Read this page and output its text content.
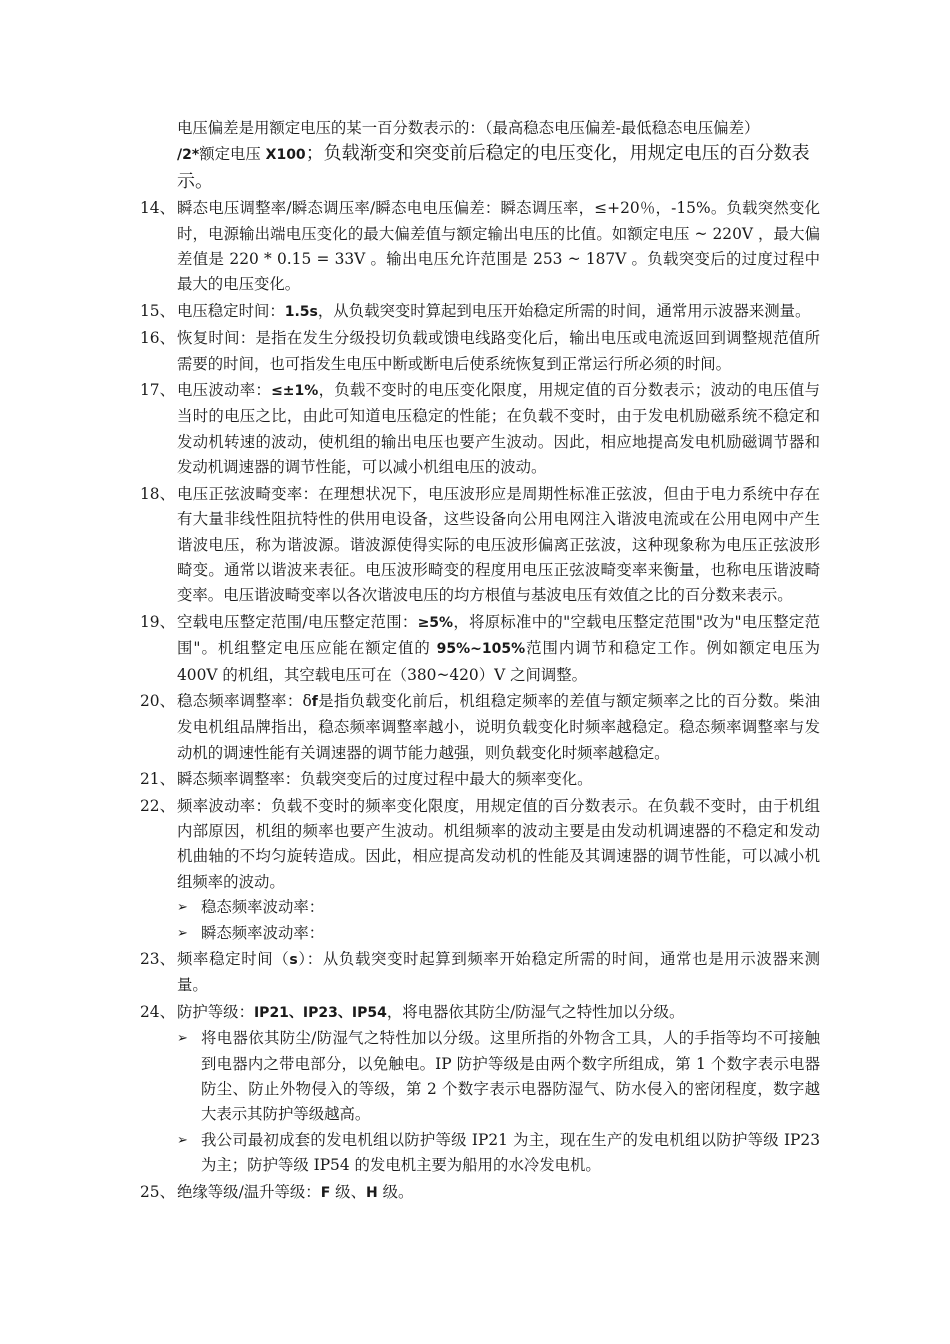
电压偏差是用额定电压的某一百分数表示的：（最高稳态电压偏差-最低稳态电压偏差）
/2*额定电压 X100；负载渐变和突变前后稳定的电压变化，用规定电压的百分数表示。
14、 瞬态电压调整率/瞬态调压率/瞬态电电压偏差：瞬态调压率，≤+20％，-15%。负载突然变化时，电源输出端电压变化的最大偏差值与额定输出电压的比值。如额定电压 ~ 220V ，最大偏差值是 220 * 0.15 = 33V 。输出电压允许范围是 253 ~ 187V 。负载突变后的过度过程中最大的电压变化。
15、 电压稳定时间：1.5s，从负载突变时算起到电压开始稳定所需的时间，通常用示波器来测量。
16、 恢复时间：是指在发生分级投切负载或馈电线路变化后，输出电压或电流返回到调整规范值所需要的时间，也可指发生电压中断或断电后使系统恢复到正常运行所必须的时间。
17、 电压波动率：≤±1%，负载不变时的电压变化限度，用规定值的百分数表示；波动的电压值与当时的电压之比，由此可知道电压稳定的性能；在负载不变时，由于发电机励磁系统不稳定和发动机转速的波动，使机组的输出电压也要产生波动。因此，相应地提高发电机励磁调节器和发动机调速器的调节性能，可以减小机组电压的波动。
18、 电压正弦波畸变率：在理想状况下，电压波形应是周期性标准正弦波，但由于电力系统中存在有大量非线性阻抗特性的供用电设备，这些设备向公用电网注入谐波电流或在公用电网中产生谐波电压，称为谐波源。谐波源使得实际的电压波形偏离正弦波，这种现象称为电压正弦波形畸变。通常以谐波来表征。电压波形畸变的程度用电压正弦波畸变率来衡量，也称电压谐波畸变率。电压谐波畸变率以各次谐波电压的均方根值与基波电压有效值之比的百分数来表示。
19、 空载电压整定范围/电压整定范围：≥5%，将原标准中的"空载电压整定范围"改为"电压整定范围"。机组整定电压应能在额定值的 95%~105%范围内调节和稳定工作。例如额定电压为 400V 的机组，其空载电压可在（380~420）V 之间调整。
20、 稳态频率调整率：δf是指负载变化前后，机组稳定频率的差值与额定频率之比的百分数。柴油发电机组品牌指出，稳态频率调整率越小，说明负载变化时频率越稳定。稳态频率调整率与发动机的调速性能有关调速器的调节能力越强，则负载变化时频率越稳定。
21、 瞬态频率调整率：负载突变后的过度过程中最大的频率变化。
22、 频率波动率：负载不变时的频率变化限度，用规定值的百分数表示。在负载不变时，由于机组内部原因，机组的频率也要产生波动。机组频率的波动主要是由发动机调速器的不稳定和发动机曲轴的不均匀旋转造成。因此，相应提高发动机的性能及其调速器的调节性能，可以减小机组频率的波动。
➢ 稳态频率波动率：
➢ 瞬态频率波动率：
23、 频率稳定时间（s）：从负载突变时起算到频率开始稳定所需的时间，通常也是用示波器来测量。
24、 防护等级：IP21、IP23、IP54，将电器依其防尘/防湿气之特性加以分级。
➢ 将电器依其防尘/防湿气之特性加以分级。这里所指的外物含工具，人的手指等均不可接触到电器内之带电部分，以免触电。IP 防护等级是由两个数字所组成，第 1 个数字表示电器防尘、防止外物侵入的等级，第 2 个数字表示电器防湿气、防水侵入的密闭程度，数字越大表示其防护等级越高。
➢ 我公司最初成套的发电机组以防护等级 IP21 为主，现在生产的发电机组以防护等级 IP23 为主；防护等级 IP54 的发电机主要为船用的水冷发电机。
25、 绝缘等级/温升等级：F 级、H 级。
